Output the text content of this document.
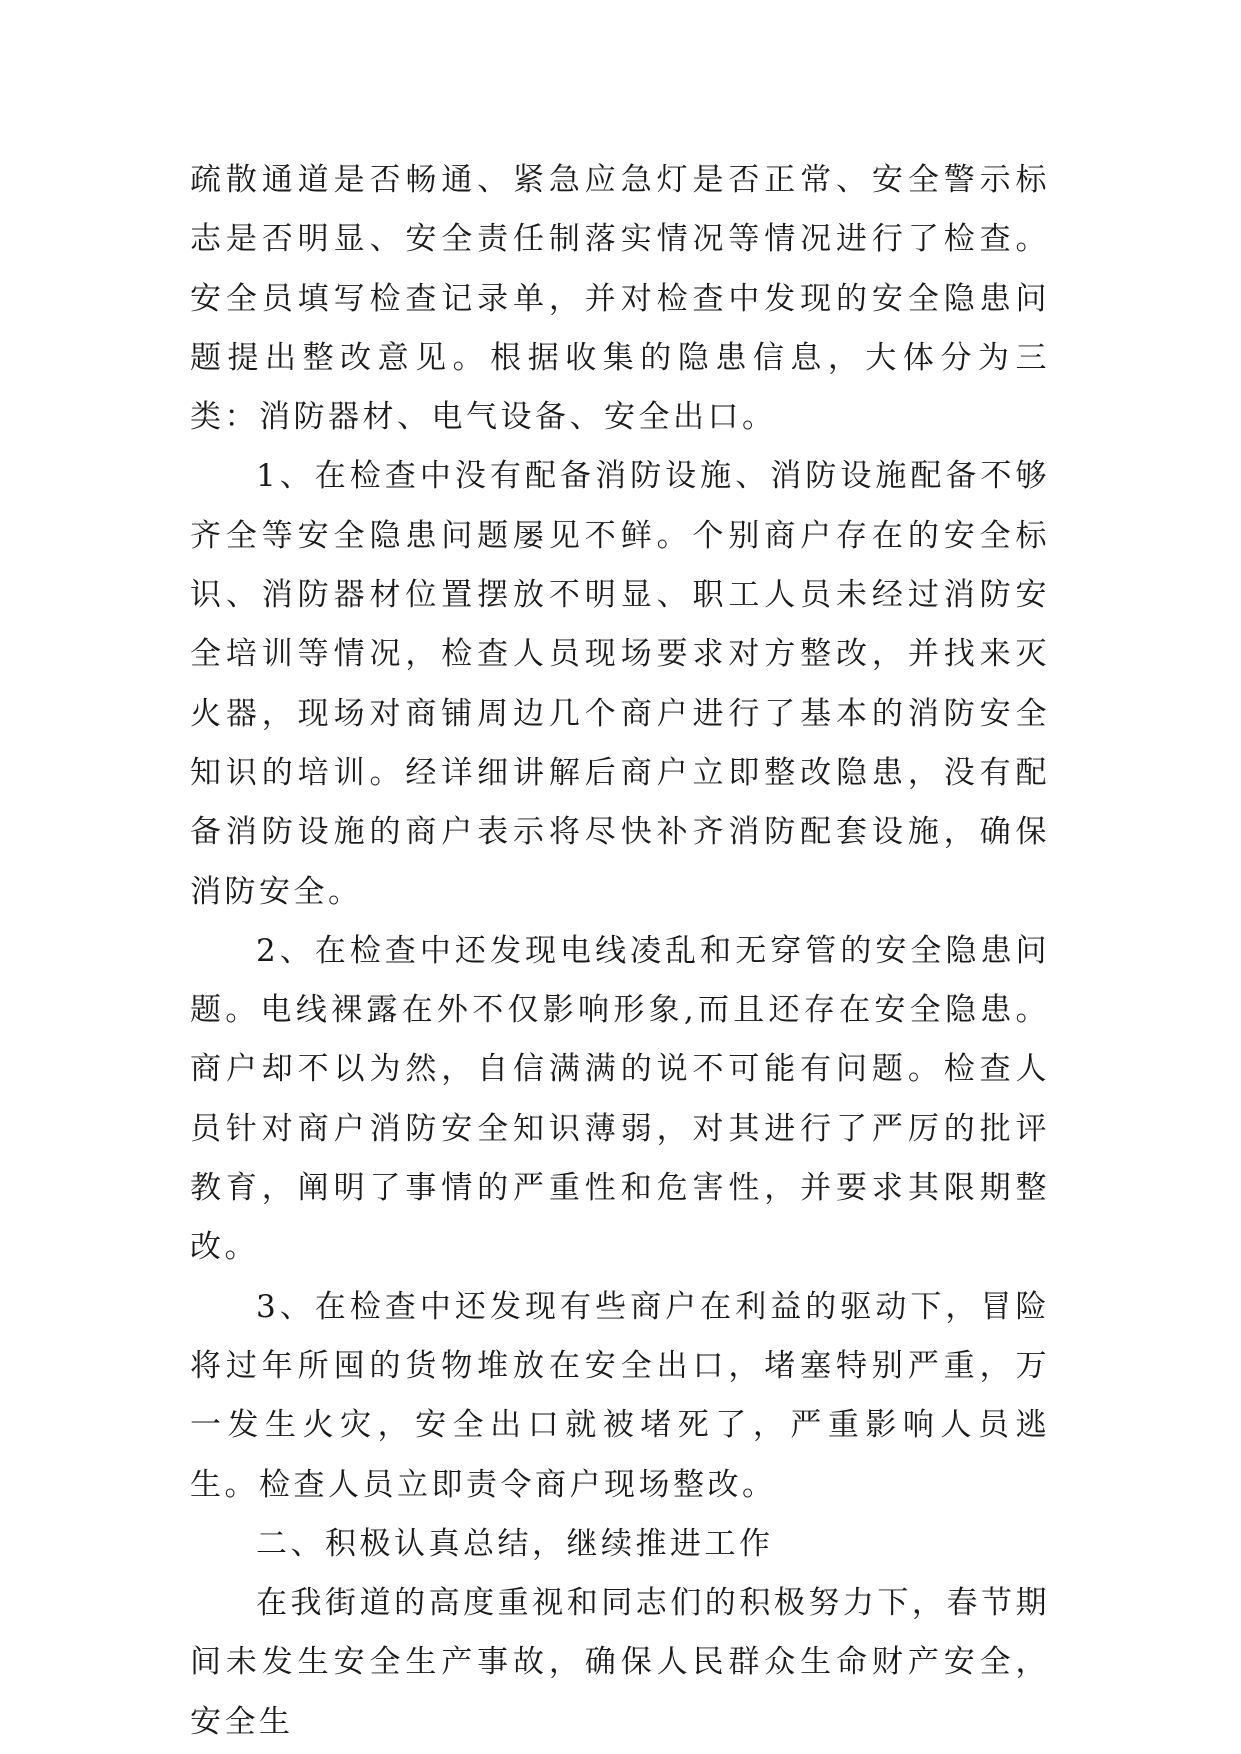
疏散通道是否畅通、紧急应急灯是否正常、安全警示标志是否明显、安全责任制落实情况等情况进行了检查。安全员填写检查记录单，并对检查中发现的安全隐患问题提出整改意见。根据收集的隐患信息，大体分为三类：消防器材、电气设备、安全出口。

1、在检查中没有配备消防设施、消防设施配备不够齐全等安全隐患问题屡见不鲜。个别商户存在的安全标识、消防器材位置摆放不明显、职工人员未经过消防安全培训等情况，检查人员现场要求对方整改，并找来灭火器，现场对商铺周边几个商户进行了基本的消防安全知识的培训。经详细讲解后商户立即整改隐患，没有配备消防设施的商户表示将尽快补齐消防配套设施，确保消防安全。

2、在检查中还发现电线凌乱和无穿管的安全隐患问题。电线裸露在外不仅影响形象,而且还存在安全隐患。商户却不以为然，自信满满的说不可能有问题。检查人员针对商户消防安全知识薄弱，对其进行了严厉的批评教育，阐明了事情的严重性和危害性，并要求其限期整改。

3、在检查中还发现有些商户在利益的驱动下，冒险将过年所囤的货物堆放在安全出口，堵塞特别严重，万一发生火灾，安全出口就被堵死了，严重影响人员逃生。检查人员立即责令商户现场整改。

二、积极认真总结，继续推进工作

在我街道的高度重视和同志们的积极努力下，春节期间未发生安全生产事故，确保人民群众生命财产安全，安全生
